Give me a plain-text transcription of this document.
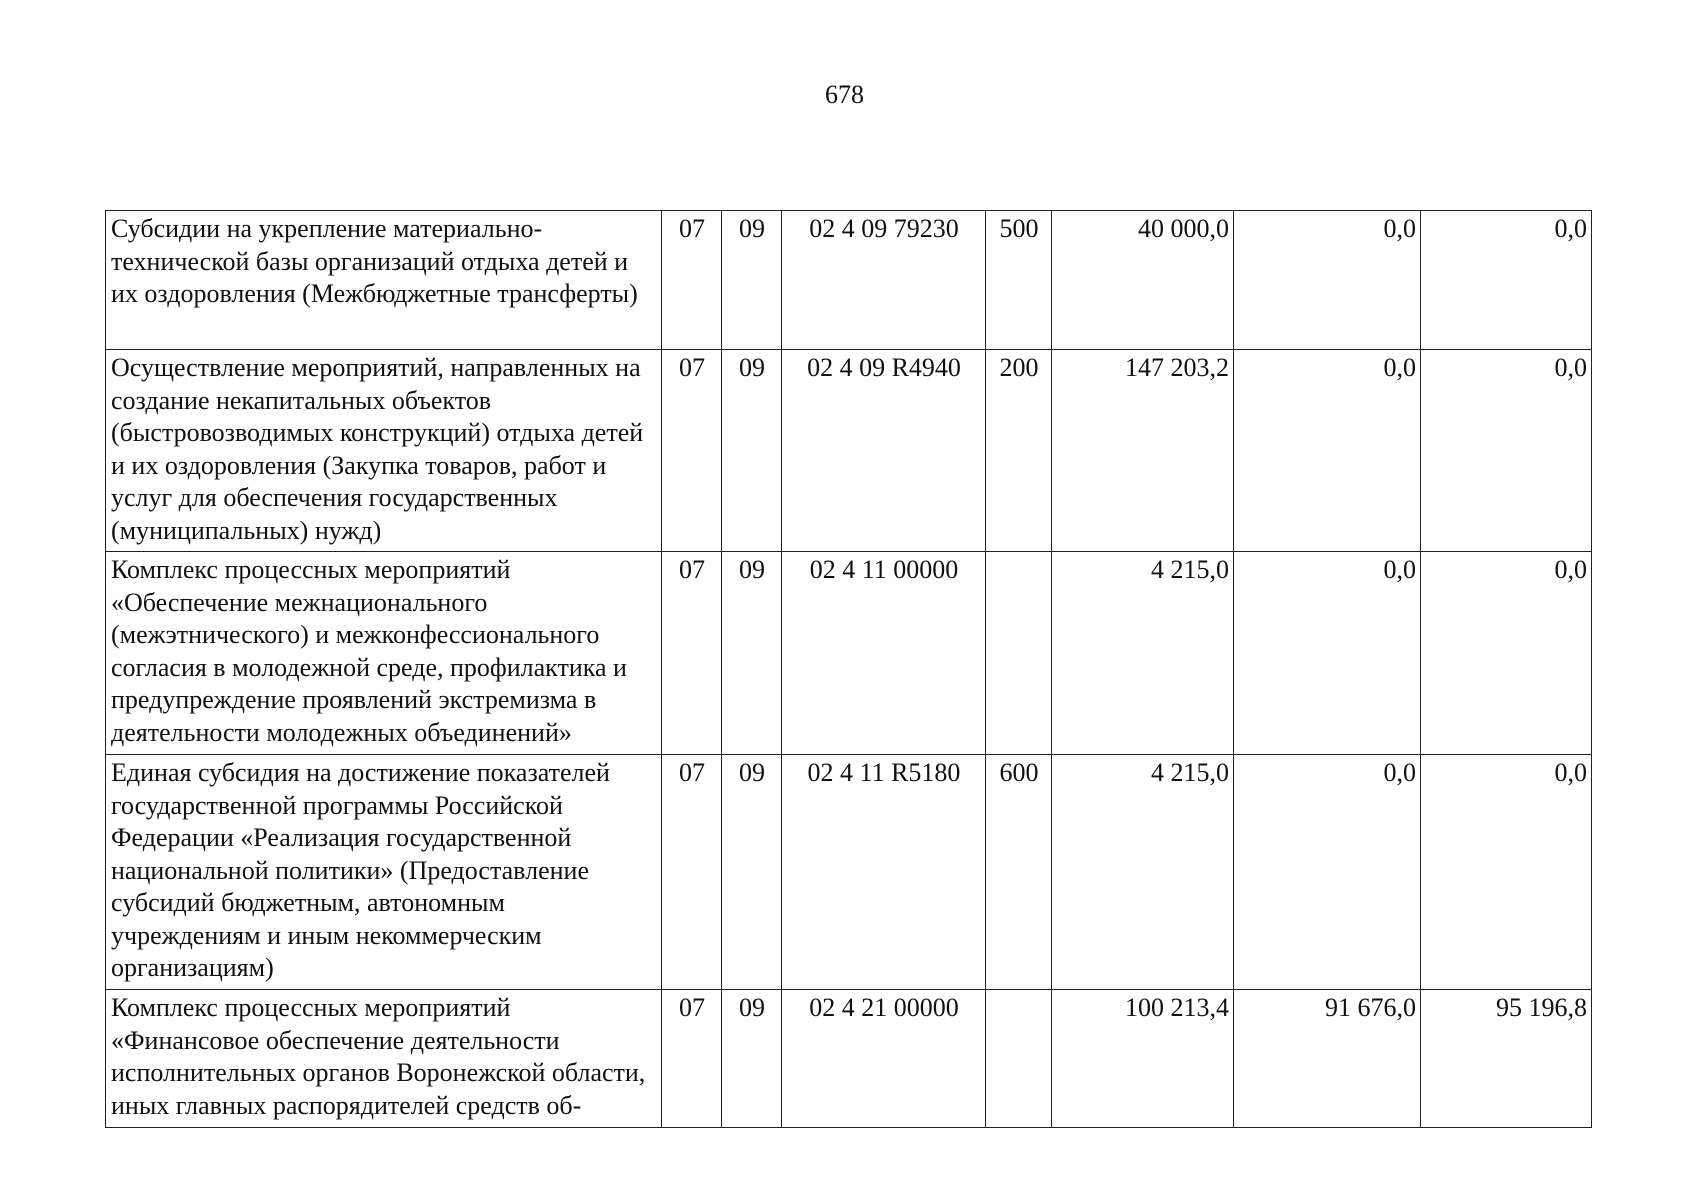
678
Субсидии на укрепление материально-технической базы организаций отдыха детей и их оздоровления (Межбюджетные трансферты)	07	09	02 4 09 79230	500	40 000,0	0,0	0,0
Осуществление мероприятий, направленных на создание некапитальных объектов (быстровозводимых конструкций) отдыха детей и их оздоровления (Закупка товаров, работ и услуг для обеспечения государственных (муниципальных) нужд)	07	09	02 4 09 R4940	200	147 203,2	0,0	0,0
Комплекс процессных мероприятий «Обеспечение межнационального (межэтнического) и межконфессионального согласия в молодежной среде, профилактика и предупреждение проявлений экстремизма в деятельности молодежных объединений»	07	09	02 4 11 00000		4 215,0	0,0	0,0
Единая субсидия на достижение показателей государственной программы Российской Федерации «Реализация государственной национальной политики» (Предоставление субсидий бюджетным, автономным учреждениям и иным некоммерческим организациям)	07	09	02 4 11 R5180	600	4 215,0	0,0	0,0
Комплекс процессных мероприятий «Финансовое обеспечение деятельности исполнительных органов Воронежской области, иных главных распорядителей средств об-	07	09	02 4 21 00000		100 213,4	91 676,0	95 196,8
